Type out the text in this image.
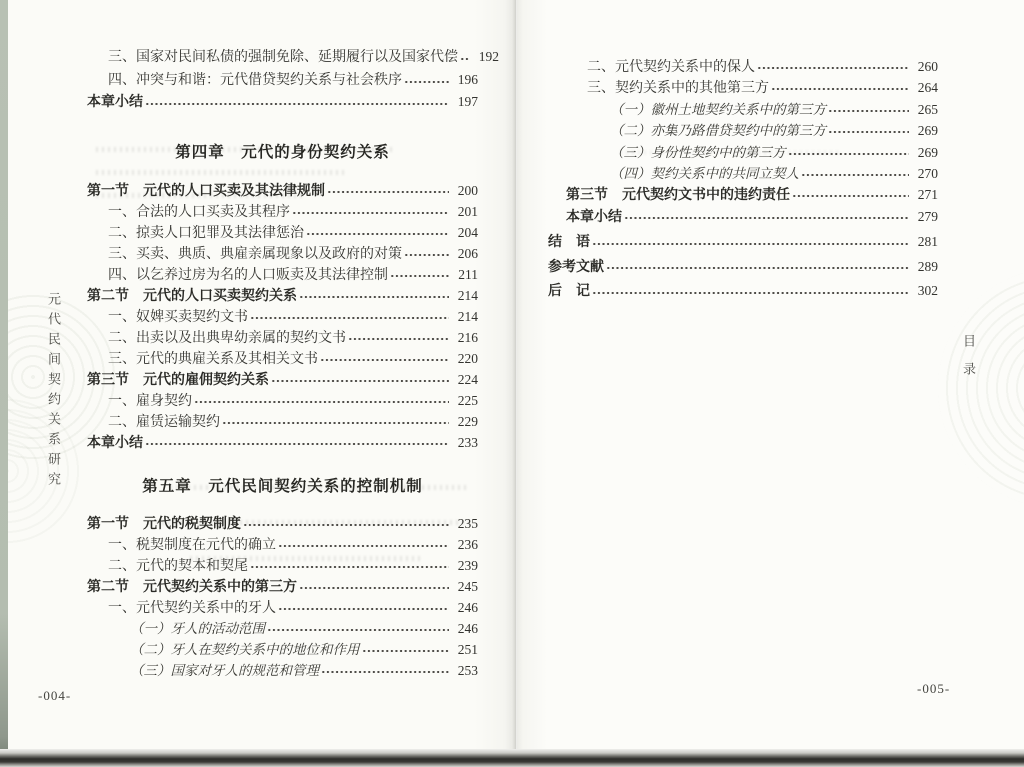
元代民间契约关系研究	目录
三、国家对民间私债的强制免除、延期履行以及国家代偿	192
四、冲突与和谐：元代借贷契约关系与社会秩序	196
本章小结	197
第四章　元代的身份契约关系
第一节　元代的人口买卖及其法律规制	200
一、合法的人口买卖及其程序	201
二、掠卖人口犯罪及其法律惩治	204
三、买卖、典质、典雇亲属现象以及政府的对策	206
四、以乞养过房为名的人口贩卖及其法律控制	211
第二节　元代的人口买卖契约关系	214
一、奴婢买卖契约文书	214
二、出卖以及出典卑幼亲属的契约文书	216
三、元代的典雇关系及其相关文书	220
第三节　元代的雇佣契约关系	224
一、雇身契约	225
二、雇赁运输契约	229
本章小结	233
第五章　元代民间契约关系的控制机制
第一节　元代的税契制度	235
一、税契制度在元代的确立	236
二、元代的契本和契尾	239
第二节　元代契约关系中的第三方	245
一、元代契约关系中的牙人	246
（一）牙人的活动范围	246
（二）牙人在契约关系中的地位和作用	251
（三）国家对牙人的规范和管理	253
二、元代契约关系中的保人	260
三、契约关系中的其他第三方	264
（一）徽州土地契约关系中的第三方	265
（二）亦集乃路借贷契约中的第三方	269
（三）身份性契约中的第三方	269
（四）契约关系中的共同立契人	270
第三节　元代契约文书中的违约责任	271
本章小结	279
结　语	281
参考文献	289
后　记	302
-004-	-005-
